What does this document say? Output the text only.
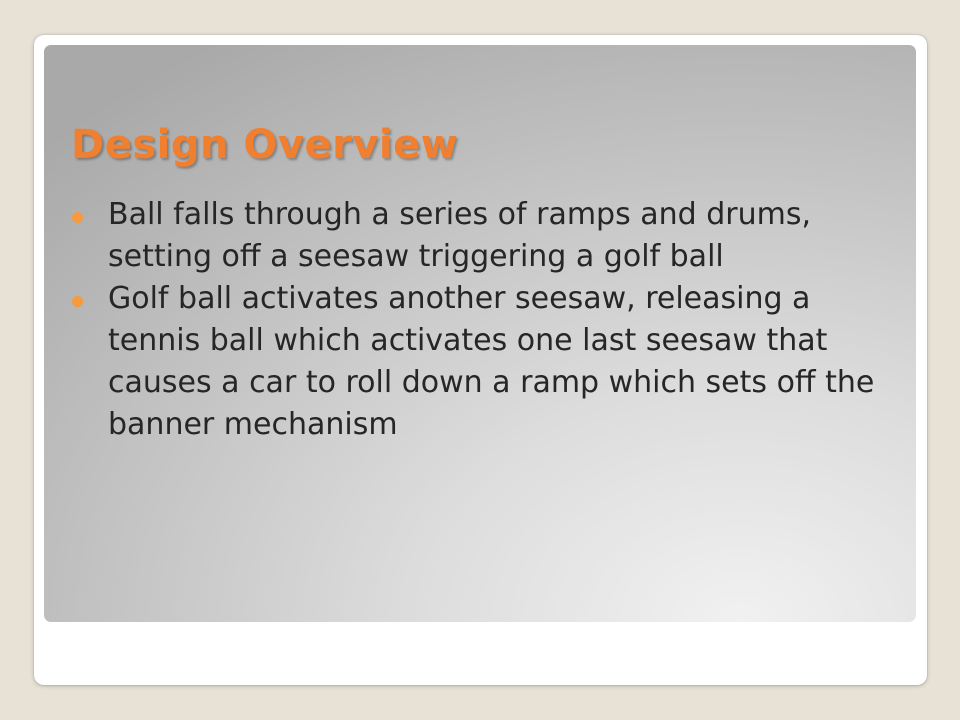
Design Overview
Ball falls through a series of ramps and drums, setting off a seesaw triggering a golf ball
Golf ball activates another seesaw, releasing a tennis ball which activates one last seesaw that causes a car to roll down a ramp which sets off the banner mechanism
